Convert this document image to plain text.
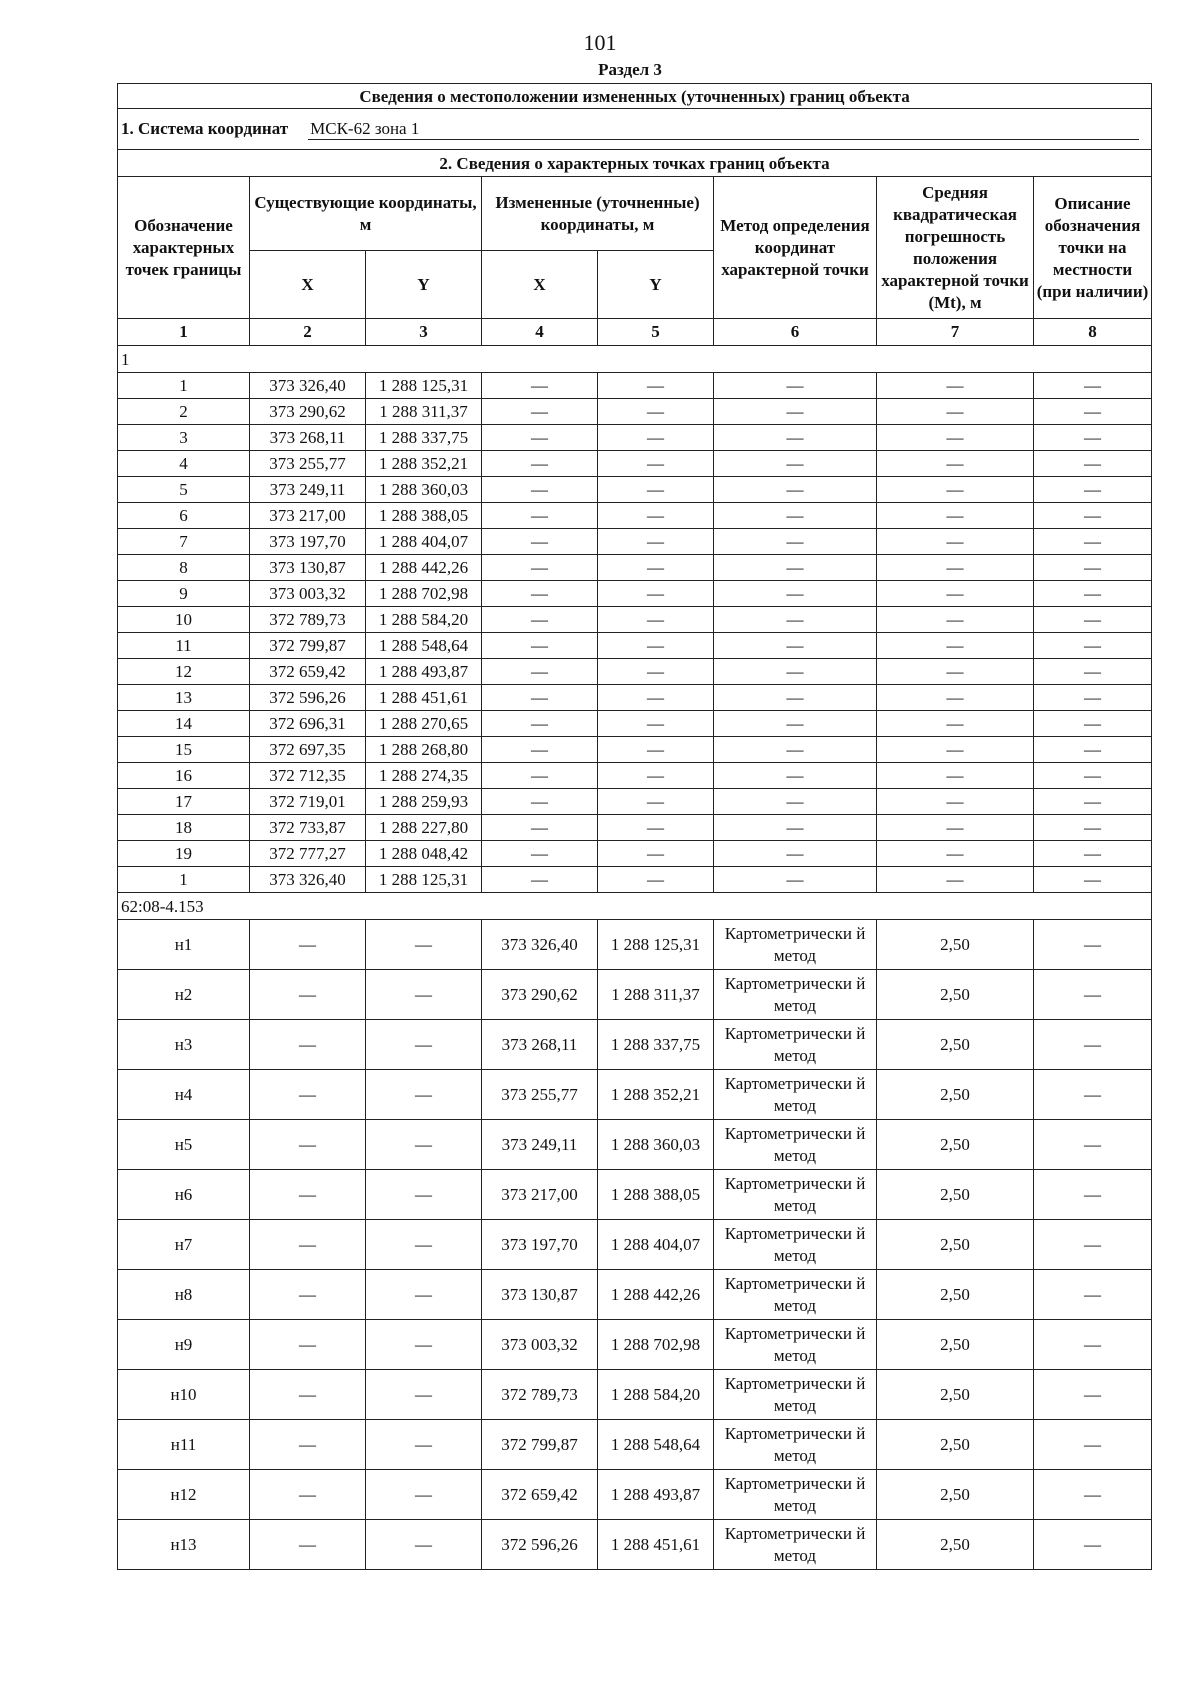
101
Раздел 3
Сведения о местоположении измененных (уточненных) границ объекта							

1. Система координат МСК-62 зона 1							

2. Сведения о характерных точках границ объекта							
Обозначение характерных точек границы	Существующие координаты, м		Измененные (уточненные) координаты, м		Метод определения координат характерной точки	Средняя квадратическая погрешность положения характерной точки (Mt), м	Описание обозначения точки на местности (при наличии)
	X	Y	X	Y			
1	2	3	4	5	6	7	8
1							
1	373 326,40	1 288 125,31	—	—	—	—	—
2	373 290,62	1 288 311,37	—	—	—	—	—
3	373 268,11	1 288 337,75	—	—	—	—	—
4	373 255,77	1 288 352,21	—	—	—	—	—
5	373 249,11	1 288 360,03	—	—	—	—	—
6	373 217,00	1 288 388,05	—	—	—	—	—
7	373 197,70	1 288 404,07	—	—	—	—	—
8	373 130,87	1 288 442,26	—	—	—	—	—
9	373 003,32	1 288 702,98	—	—	—	—	—
10	372 789,73	1 288 584,20	—	—	—	—	—
11	372 799,87	1 288 548,64	—	—	—	—	—
12	372 659,42	1 288 493,87	—	—	—	—	—
13	372 596,26	1 288 451,61	—	—	—	—	—
14	372 696,31	1 288 270,65	—	—	—	—	—
15	372 697,35	1 288 268,80	—	—	—	—	—
16	372 712,35	1 288 274,35	—	—	—	—	—
17	372 719,01	1 288 259,93	—	—	—	—	—
18	372 733,87	1 288 227,80	—	—	—	—	—
19	372 777,27	1 288 048,42	—	—	—	—	—
1	373 326,40	1 288 125,31	—	—	—	—	—
62:08-4.153							
н1	—	—	373 326,40	1 288 125,31	Картометрически й метод	2,50	—
н2	—	—	373 290,62	1 288 311,37	Картометрически й метод	2,50	—
н3	—	—	373 268,11	1 288 337,75	Картометрически й метод	2,50	—
н4	—	—	373 255,77	1 288 352,21	Картометрически й метод	2,50	—
н5	—	—	373 249,11	1 288 360,03	Картометрически й метод	2,50	—
н6	—	—	373 217,00	1 288 388,05	Картометрически й метод	2,50	—
н7	—	—	373 197,70	1 288 404,07	Картометрически й метод	2,50	—
н8	—	—	373 130,87	1 288 442,26	Картометрически й метод	2,50	—
н9	—	—	373 003,32	1 288 702,98	Картометрически й метод	2,50	—
н10	—	—	372 789,73	1 288 584,20	Картометрически й метод	2,50	—
н11	—	—	372 799,87	1 288 548,64	Картометрически й метод	2,50	—
н12	—	—	372 659,42	1 288 493,87	Картометрически й метод	2,50	—
н13	—	—	372 596,26	1 288 451,61	Картометрически й метод	2,50	—
